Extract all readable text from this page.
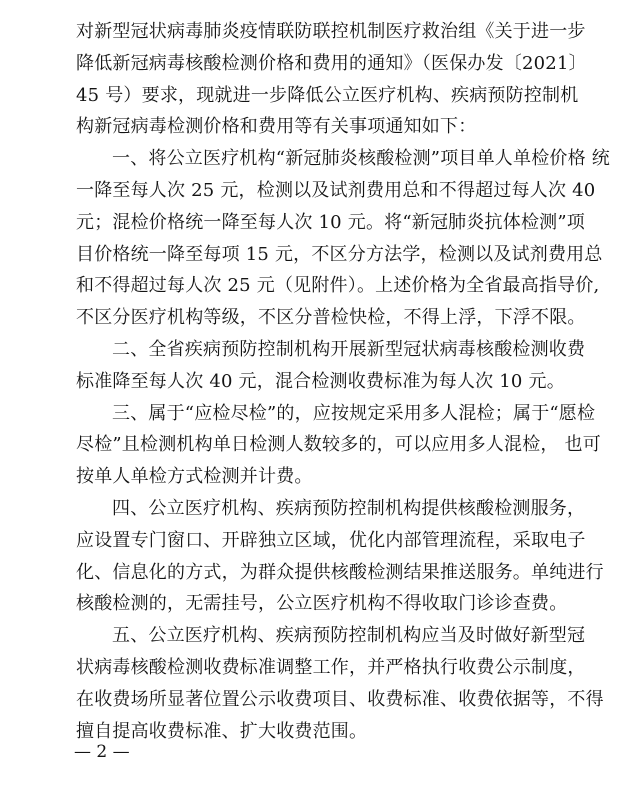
对新型冠状病毒肺炎疫情联防联控机制医疗救治组《关于进一步
降低新冠病毒核酸检测价格和费用的通知》（医保办发〔2021〕
45 号）要求，现就进一步降低公立医疗机构、疾病预防控制机
构新冠病毒检测价格和费用等有关事项通知如下：
一、将公立医疗机构“新冠肺炎核酸检测”项目单人单检价格 统
一降至每人次 25 元，检测以及试剂费用总和不得超过每人次 40
元；混检价格统一降至每人次 10 元。将“新冠肺炎抗体检测”项
目价格统一降至每项 15 元，不区分方法学，检测以及试剂费用总
和不得超过每人次 25 元（见附件）。上述价格为全省最高指导价,
不区分医疗机构等级，不区分普检快检，不得上浮，下浮不限。
二、全省疾病预防控制机构开展新型冠状病毒核酸检测收费
标准降至每人次 40 元，混合检测收费标准为每人次 10 元。
三、属于“应检尽检”的，应按规定采用多人混检；属于“愿检
尽检”且检测机构单日检测人数较多的，可以应用多人混检， 也可
按单人单检方式检测并计费。
四、公立医疗机构、疾病预防控制机构提供核酸检测服务，
应设置专门窗口、开辟独立区域，优化内部管理流程，采取电子
化、信息化的方式，为群众提供核酸检测结果推送服务。单纯进行
核酸检测的，无需挂号，公立医疗机构不得收取门诊诊查费。
五、公立医疗机构、疾病预防控制机构应当及时做好新型冠
状病毒核酸检测收费标准调整工作，并严格执行收费公示制度，
在收费场所显著位置公示收费项目、收费标准、收费依据等，不得
擅自提高收费标准、扩大收费范围。
— 2 —
